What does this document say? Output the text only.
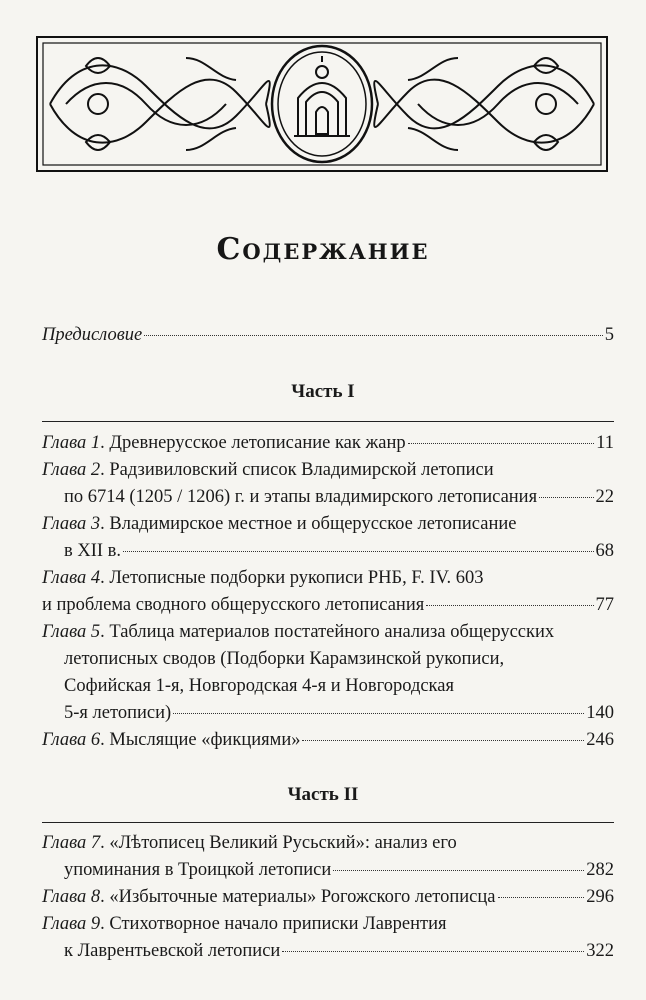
Содержание
Предисловие	5
Часть I
Глава 1. Древнерусское летописание как жанр	11
Глава 2. Радзивиловский список Владимирской летописи
по 6714 (1205 / 1206) г. и этапы владимирского летописания	22
Глава 3. Владимирское местное и общерусское летописание
в XII в.	68
Глава 4. Летописные подборки рукописи РНБ, F. IV. 603
и проблема сводного общерусского летописания	77
Глава 5. Таблица материалов постатейного анализа общерусских
летописных сводов (Подборки Карамзинской рукописи,
Софийская 1-я, Новгородская 4-я и Новгородская
5-я летописи)	140
Глава 6. Мыслящие «фикциями»	246
Часть II
Глава 7. «Лѣтописец Великий Русьский»: анализ его
упоминания в Троицкой летописи	282
Глава 8. «Избыточные материалы» Рогожского летописца	296
Глава 9. Стихотворное начало приписки Лаврентия
к Лаврентьевской летописи	322
